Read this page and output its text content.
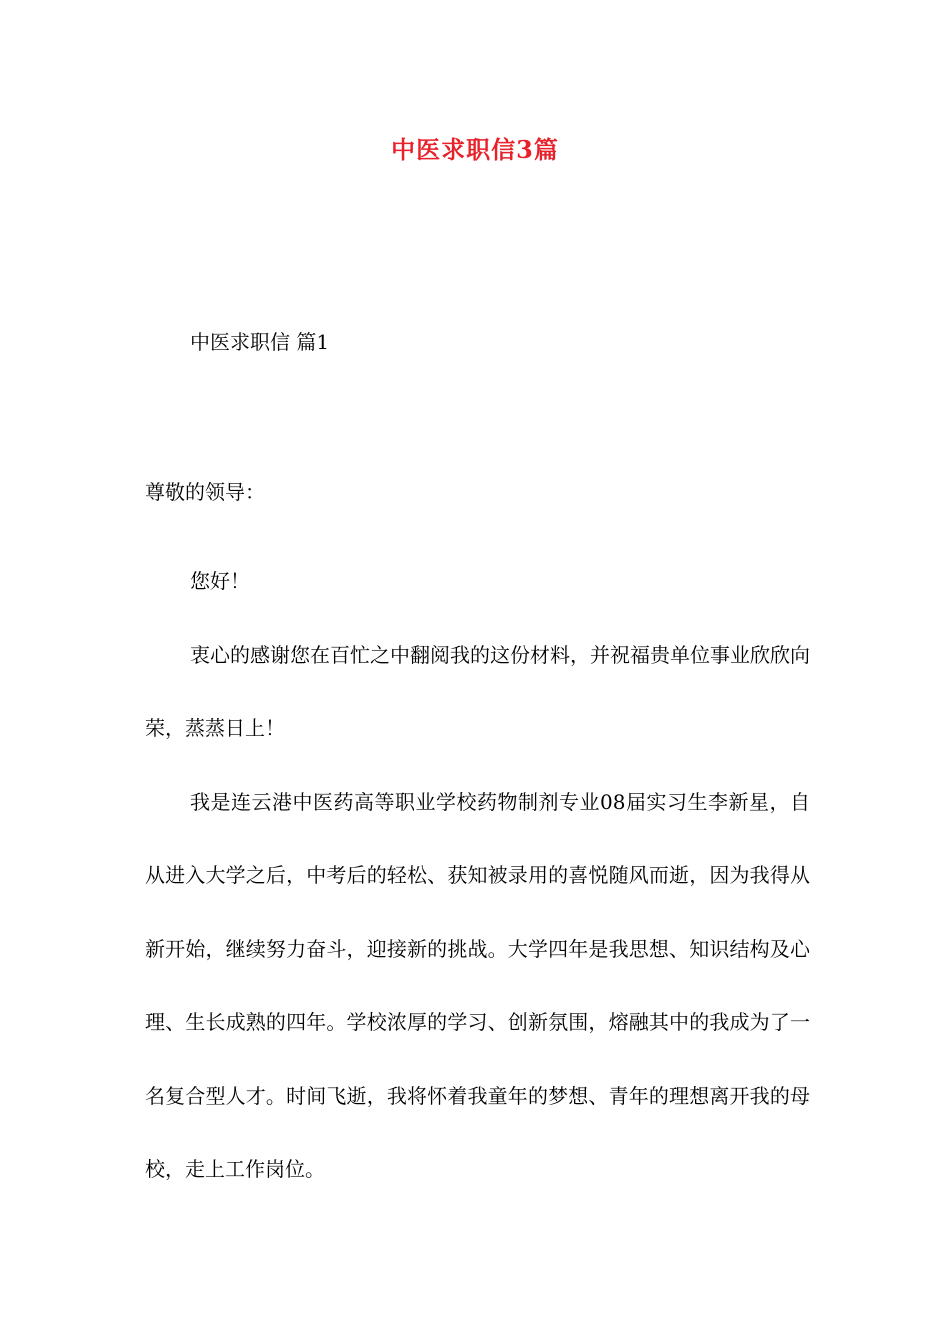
中医求职信3篇
中医求职信 篇1
尊敬的领导：

您好！

衷心的感谢您在百忙之中翻阅我的这份材料，并祝福贵单位事业欣欣向荣，蒸蒸日上！

我是连云港中医药高等职业学校药物制剂专业08届实习生李新星，自从进入大学之后，中考后的轻松、获知被录用的喜悦随风而逝，因为我得从新开始，继续努力奋斗，迎接新的挑战。大学四年是我思想、知识结构及心理、生长成熟的四年。学校浓厚的学习、创新氛围，熔融其中的我成为了一名复合型人才。时间飞逝，我将怀着我童年的梦想、青年的理想离开我的母校，走上工作岗位。
